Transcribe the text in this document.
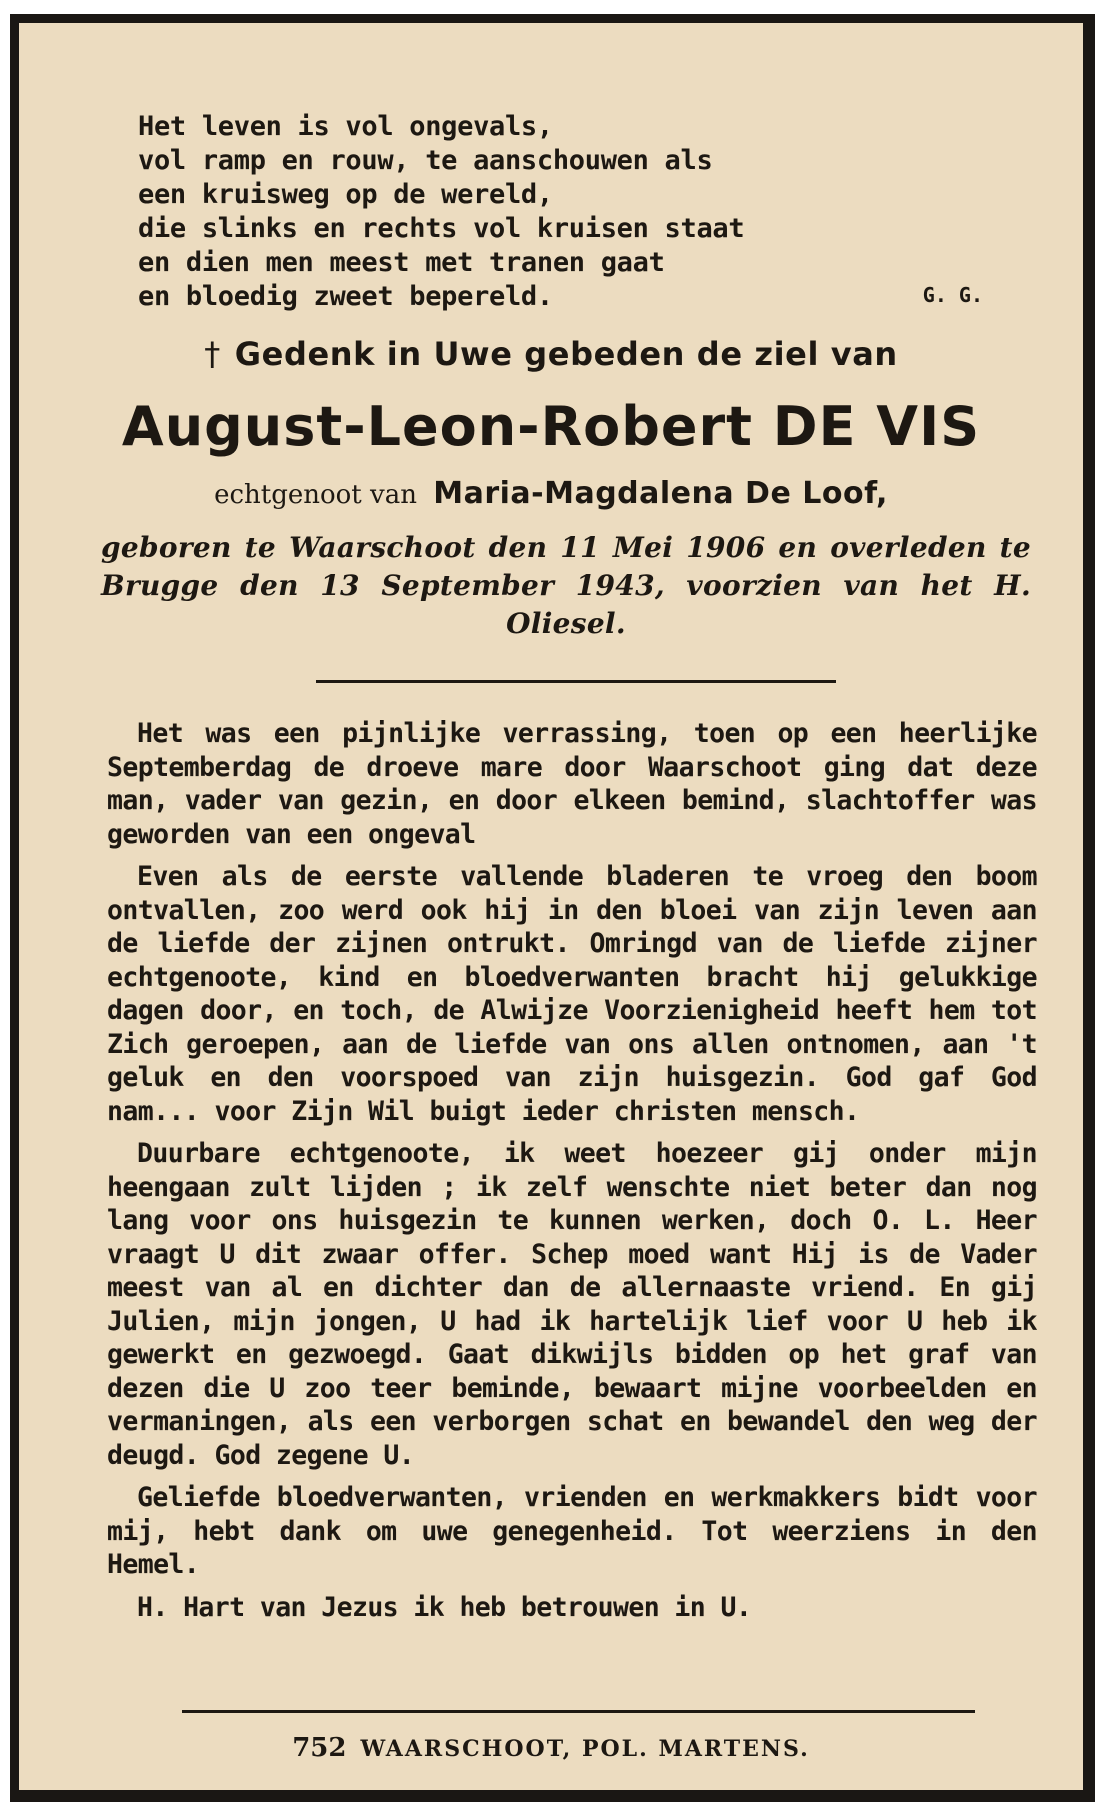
Het leven is vol ongevals,
vol ramp en rouw, te aanschouwen als
een kruisweg op de wereld,
die slinks en rechts vol kruisen staat
en dien men meest met tranen gaat
en bloedig zweet bepereld.	G. G.
† Gedenk in Uwe gebeden de ziel van
August-Leon-Robert DE VIS
echtgenoot van Maria-Magdalena De Loof,
geboren te Waarschoot den 11 Mei 1906 en overleden te Brugge den 13 September 1943, voorzien van het H. Oliesel.

Het was een pijnlijke verrassing, toen op een heerlijke Septemberdag de droeve mare door Waarschoot ging dat deze man, vader van gezin, en door elkeen bemind, slachtoffer was geworden van een ongeval

Even als de eerste vallende bladeren te vroeg den boom ontvallen, zoo werd ook hij in den bloei van zijn leven aan de liefde der zijnen ontrukt. Omringd van de liefde zijner echtgenoote, kind en bloedverwanten bracht hij gelukkige dagen door, en toch, de Alwijze Voorzienigheid heeft hem tot Zich geroepen, aan de liefde van ons allen ontnomen, aan 't geluk en den voorspoed van zijn huisgezin. God gaf God nam... voor Zijn Wil buigt ieder christen mensch.

Duurbare echtgenoote, ik weet hoezeer gij onder mijn heengaan zult lijden ; ik zelf wenschte niet beter dan nog lang voor ons huisgezin te kunnen werken, doch O. L. Heer vraagt U dit zwaar offer. Schep moed want Hij is de Vader meest van al en dichter dan de allernaaste vriend. En gij Julien, mijn jongen, U had ik hartelijk lief voor U heb ik gewerkt en gezwoegd. Gaat dikwijls bidden op het graf van dezen die U zoo teer beminde, bewaart mijne voorbeelden en vermaningen, als een verborgen schat en bewandel den weg der deugd. God zegene U.

Geliefde bloedverwanten, vrienden en werkmakkers bidt voor mij, hebt dank om uwe genegenheid. Tot weerziens in den Hemel.

H. Hart van Jezus ik heb betrouwen in U.

752 WAARSCHOOT, POL. MARTENS.
